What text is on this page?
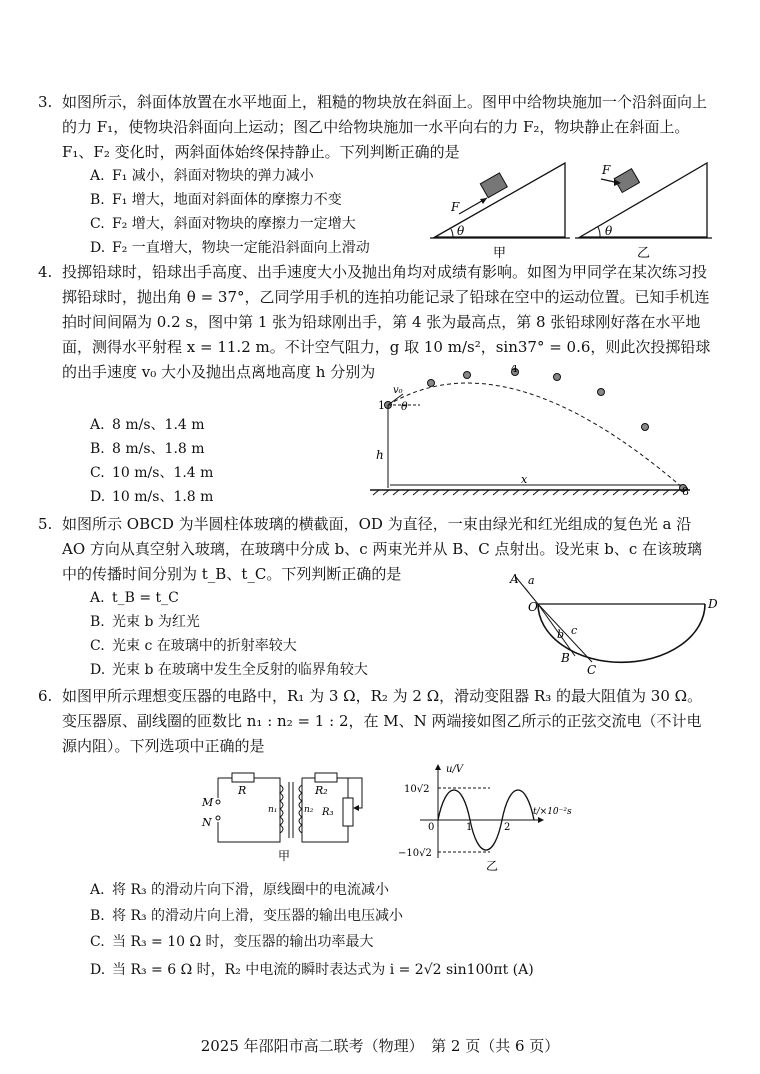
3. 如图所示，斜面体放置在水平地面上，粗糙的物块放在斜面上。图甲中给物块施加一个沿斜面向上的力 F₁，使物块沿斜面向上运动；图乙中给物块施加一水平向右的力 F₂，物块静止在斜面上。F₁、F₂ 变化时，两斜面体始终保持静止。下列判断正确的是
A. F₁ 减小，斜面对物块的弹力减小
B. F₁ 增大，地面对斜面体的摩擦力不变
C. F₂ 增大，斜面对物块的摩擦力一定增大
D. F₂ 一直增大，物块一定能沿斜面向上滑动
F
θ
甲
F
θ
乙
4. 投掷铅球时，铅球出手高度、出手速度大小及抛出角均对成绩有影响。如图为甲同学在某次练习投掷铅球时，抛出角 θ = 37°，乙同学用手机的连拍功能记录了铅球在空中的运动位置。已知手机连拍时间间隔为 0.2 s，图中第 1 张为铅球刚出手，第 4 张为最高点，第 8 张铅球刚好落在水平地面，测得水平射程 x = 11.2 m。不计空气阻力，g 取 10 m/s²，sin37° = 0.6，则此次投掷铅球的出手速度 v₀ 大小及抛出点离地高度 h 分别为
A. 8 m/s、1.4 m
B. 8 m/s、1.8 m
C. 10 m/s、1.4 m
D. 10 m/s、1.8 m
1
4
8
v₀
θ
h
x
5. 如图所示 OBCD 为半圆柱体玻璃的横截面，OD 为直径，一束由绿光和红光组成的复色光 a 沿 AO 方向从真空射入玻璃，在玻璃中分成 b、c 两束光并从 B、C 点射出。设光束 b、c 在该玻璃中的传播时间分别为 t_B、t_C。下列判断正确的是
A. t_B = t_C
B. 光束 b 为红光
C. 光束 c 在玻璃中的折射率较大
D. 光束 b 在玻璃中发生全反射的临界角较大
A a
O	D
b c
B
C
6. 如图甲所示理想变压器的电路中，R₁ 为 3 Ω，R₂ 为 2 Ω，滑动变阻器 R₃ 的最大阻值为 30 Ω。变压器原、副线圈的匝数比 n₁ : n₂ = 1 : 2，在 M、N 两端接如图乙所示的正弦交流电（不计电源内阻）。下列选项中正确的是
M
N
R	R₂
R₃
n₁	n₂
甲
u/V
t/×10⁻²s
10√2
−10√2
0	1	2
乙
A. 将 R₃ 的滑动片向下滑，原线圈中的电流减小
B. 将 R₃ 的滑动片向上滑，变压器的输出电压减小
C. 当 R₃ = 10 Ω 时，变压器的输出功率最大
D. 当 R₃ = 6 Ω 时，R₂ 中电流的瞬时表达式为 i = 2√2 sin100πt (A)
2025 年邵阳市高二联考（物理）　第 2 页（共 6 页）
